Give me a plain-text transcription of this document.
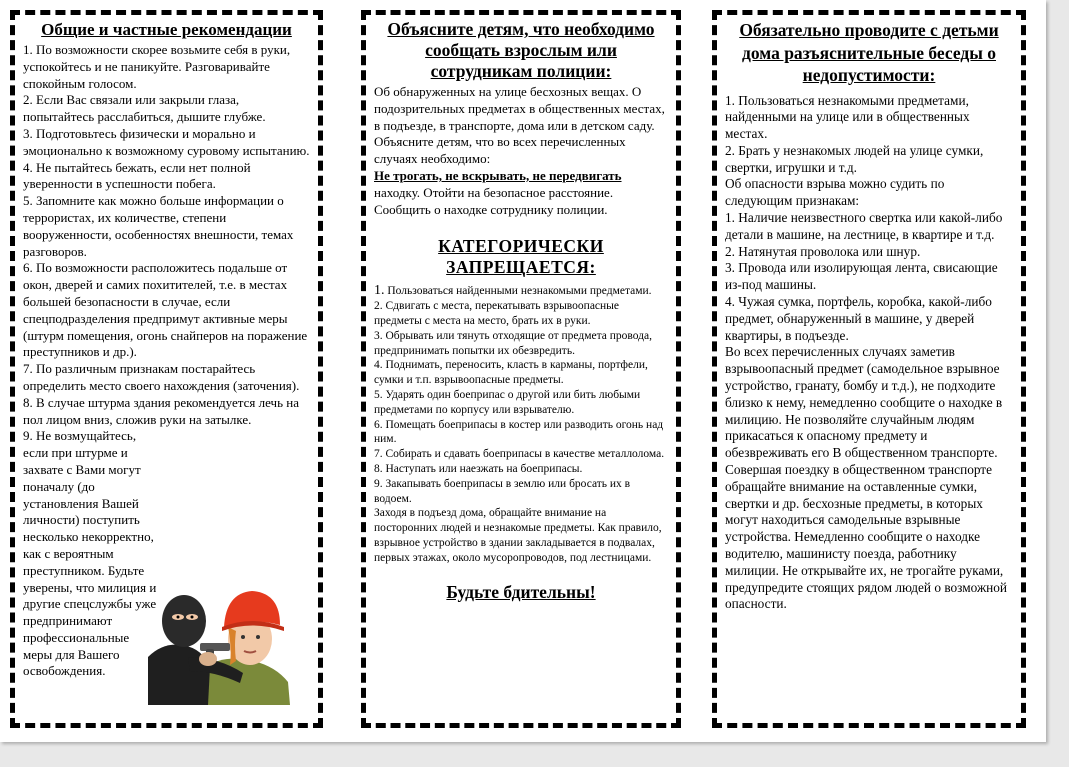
Общие и частные рекомендации

1. По возможности скорее возьмите себя в руки, успокойтесь и не паникуйте. Разговаривайте спокойным голосом.

2. Если Вас связали или закрыли глаза, попытайтесь расслабиться, дышите глубже.

3. Подготовьтесь физически и морально и эмоционально к возможному суровому испытанию.

4. Не пытайтесь бежать, если нет полной уверенности в успешности побега.

5. Запомните как можно больше информации о террористах, их количестве, степени вооруженности, особенностях внешности, темах разговоров.

6. По возможности расположитесь подальше от окон, дверей и самих похитителей, т.е. в местах большей безопасности в случае, если спецподразделения предпримут активные меры (штурм помещения, огонь снайперов на поражение преступников и др.).

7. По различным признакам постарайтесь определить место своего нахождения (заточения).

8. В случае штурма здания рекомендуется лечь на пол лицом вниз, сложив руки на затылке.

9. Не возмущайтесь, если при штурме и захвате с Вами могут поначалу (до установления Вашей личности) поступить несколько некорректно, как с вероятным преступником. Будьте уверены, что милиция и другие спецслужбы уже предпринимают профессиональные меры для Вашего освобождения.

Объясните детям, что необходимо сообщать взрослым или сотрудникам полиции:

Об обнаруженных на улице бесхозных вещах. О подозрительных предметах в общественных местах, в подъезде, в транспорте, дома или в детском саду.

Объясните детям, что во всех перечисленных случаях необходимо:

Не трогать, не вскрывать, не передвигать находку. Отойти на безопасное расстояние. Сообщить о находке сотруднику полиции.

КАТЕГОРИЧЕСКИ ЗАПРЕЩАЕТСЯ:

1. Пользоваться найденными незнакомыми предметами.

2. Сдвигать с места, перекатывать взрывоопасные предметы с места на место, брать их в руки.

3. Обрывать или тянуть отходящие от предмета провода, предпринимать попытки их обезвредить.

4. Поднимать, переносить, класть в карманы, портфели, сумки и т.п. взрывоопасные предметы.

5. Ударять один боеприпас о другой или бить любыми предметами по корпусу или взрывателю.

6. Помещать боеприпасы в костер или разводить огонь над ним.

7. Собирать и сдавать боеприпасы в качестве металлолома.

8. Наступать или наезжать на боеприпасы.

9. Закапывать боеприпасы в землю или бросать их в водоем.

Заходя в подъезд дома, обращайте внимание на посторонних людей и незнакомые предметы. Как правило, взрывное устройство в здании закладывается в подвалах, первых этажах, около мусоропроводов, под лестницами.

Будьте бдительны!
Обязательно проводите с детьми дома разъяснительные беседы о недопустимости:

1. Пользоваться незнакомыми предметами, найденными на улице или в общественных местах.

2. Брать у незнакомых людей на улице сумки, свертки, игрушки и т.д.

Об опасности взрыва можно судить по следующим признакам:

1. Наличие неизвестного свертка или какой-либо детали в машине, на лестнице, в квартире и т.д.

2. Натянутая проволока или шнур.

3. Провода или изолирующая лента, свисающие из-под машины.

4. Чужая сумка, портфель, коробка, какой-либо предмет, обнаруженный в машине, у дверей квартиры, в подъезде.

Во всех перечисленных случаях заметив взрывоопасный предмет (самодельное взрывное устройство, гранату, бомбу и т.д.), не подходите близко к нему, немедленно сообщите о находке в милицию. Не позволяйте случайным людям прикасаться к опасному предмету и обезвреживать его В общественном транспорте. Совершая поездку в общественном транспорте обращайте внимание на оставленные сумки, свертки и др. бесхозные предметы, в которых могут находиться самодельные взрывные устройства. Немедленно сообщите о находке водителю, машинисту поезда, работнику милиции. Не открывайте их, не трогайте руками, предупредите стоящих рядом людей о возможной опасности.
